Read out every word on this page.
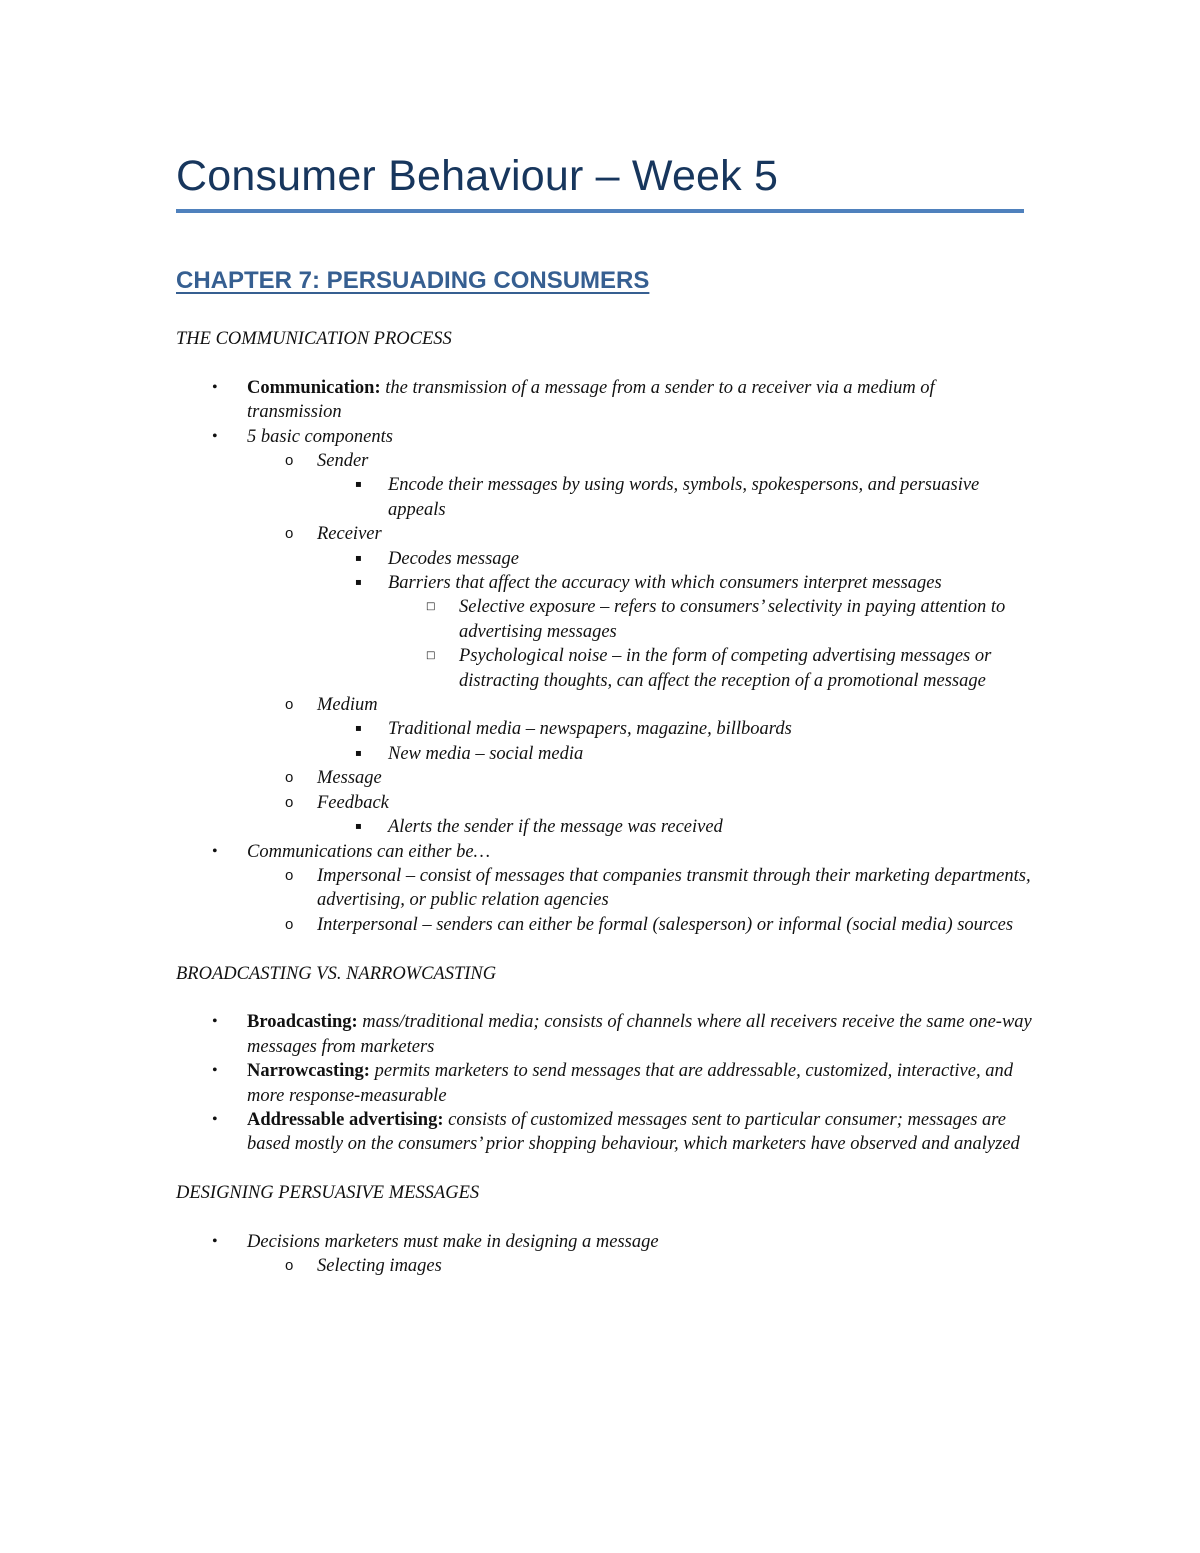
Consumer Behaviour – Week 5
CHAPTER 7: PERSUADING CONSUMERS

THE COMMUNICATION PROCESS

• Communication: the transmission of a message from a sender to a receiver via a medium of transmission
• 5 basic components
o Sender
▪ Encode their messages by using words, symbols, spokespersons, and persuasive appeals
o Receiver
▪ Decodes message
▪ Barriers that affect the accuracy with which consumers interpret messages
□ Selective exposure – refers to consumers’ selectivity in paying attention to advertising messages
□ Psychological noise – in the form of competing advertising messages or distracting thoughts, can affect the reception of a promotional message
o Medium
▪ Traditional media – newspapers, magazine, billboards
▪ New media – social media
o Message
o Feedback
▪ Alerts the sender if the message was received
• Communications can either be…
o Impersonal – consist of messages that companies transmit through their marketing departments, advertising, or public relation agencies
o Interpersonal – senders can either be formal (salesperson) or informal (social media) sources

BROADCASTING VS. NARROWCASTING

• Broadcasting: mass/traditional media; consists of channels where all receivers receive the same one-way messages from marketers
• Narrowcasting: permits marketers to send messages that are addressable, customized, interactive, and more response-measurable
• Addressable advertising: consists of customized messages sent to particular consumer; messages are based mostly on the consumers’ prior shopping behaviour, which marketers have observed and analyzed

DESIGNING PERSUASIVE MESSAGES

• Decisions marketers must make in designing a message
o Selecting images
